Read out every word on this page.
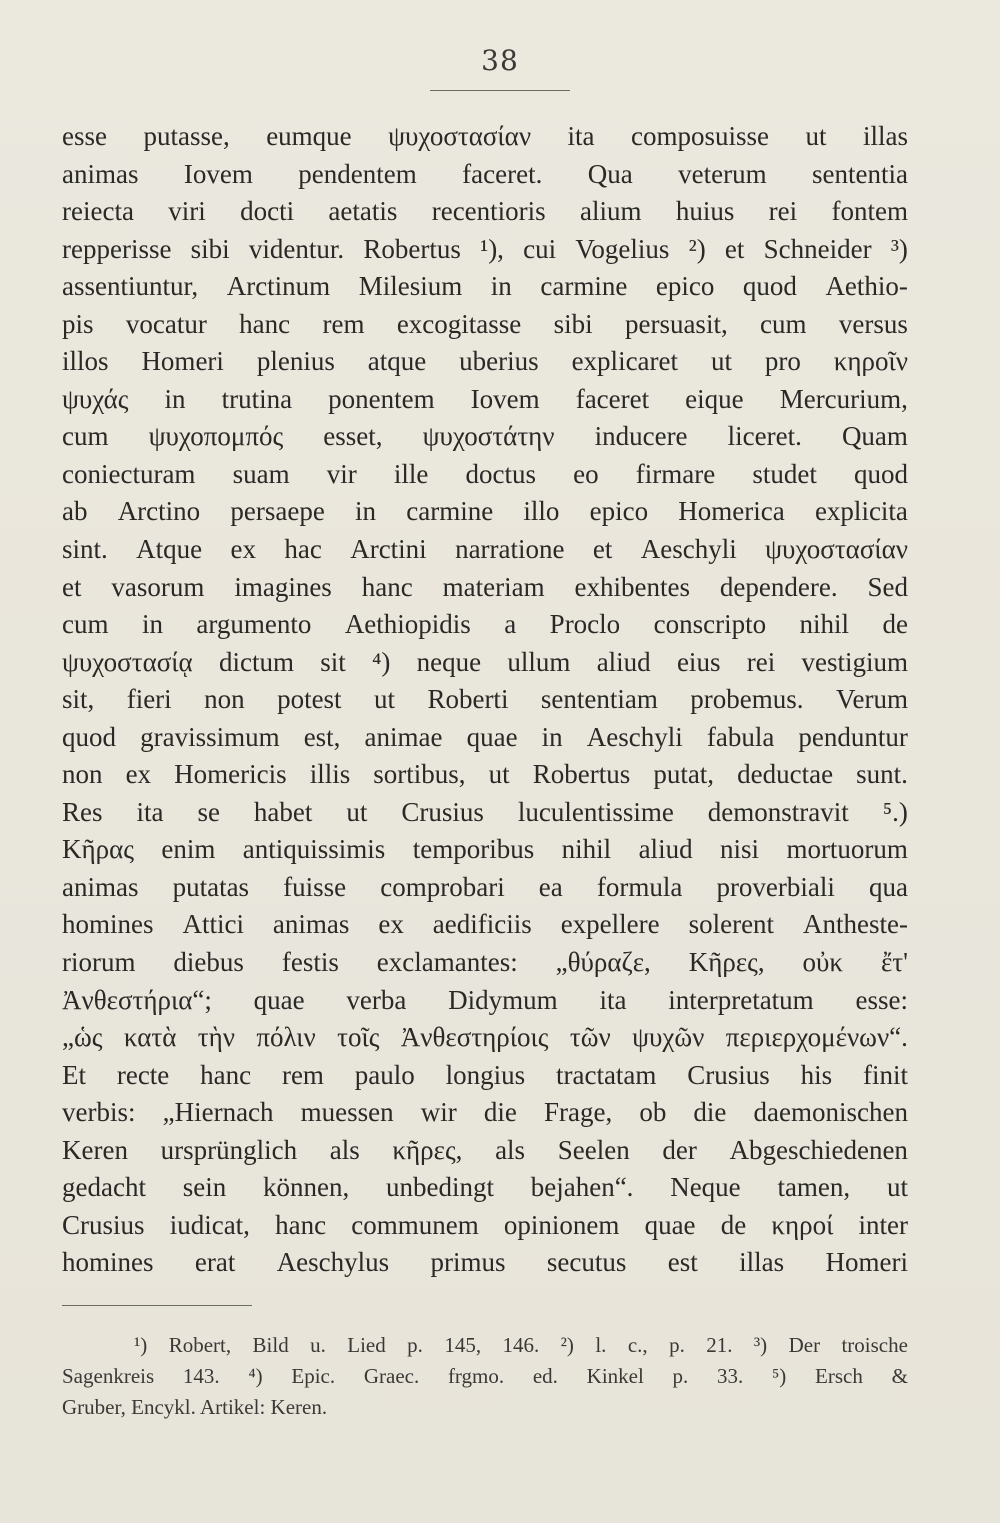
38
esse putasse, eumque ψυχοστασίαν ita composuisse ut illas
animas Iovem pendentem faceret. Qua veterum sententia
reiecta viri docti aetatis recentioris alium huius rei fontem
repperisse sibi videntur. Robertus ¹), cui Vogelius ²) et Schneider ³)
assentiuntur, Arctinum Milesium in carmine epico quod Aethio-
pis vocatur hanc rem excogitasse sibi persuasit, cum versus
illos Homeri plenius atque uberius explicaret ut pro κηροῖν
ψυχάς in trutina ponentem Iovem faceret eique Mercurium,
cum ψυχοπομπός esset, ψυχοστάτην inducere liceret. Quam
coniecturam suam vir ille doctus eo firmare studet quod
ab Arctino persaepe in carmine illo epico Homerica explicita
sint. Atque ex hac Arctini narratione et Aeschyli ψυχοστασίαν
et vasorum imagines hanc materiam exhibentes dependere. Sed
cum in argumento Aethiopidis a Proclo conscripto nihil de
ψυχοστασίᾳ dictum sit ⁴) neque ullum aliud eius rei vestigium
sit, fieri non potest ut Roberti sententiam probemus. Verum
quod gravissimum est, animae quae in Aeschyli fabula penduntur
non ex Homericis illis sortibus, ut Robertus putat, deductae sunt.
Res ita se habet ut Crusius luculentissime demonstravit ⁵.)
Κῆρας enim antiquissimis temporibus nihil aliud nisi mortuorum
animas putatas fuisse comprobari ea formula proverbiali qua
homines Attici animas ex aedificiis expellere solerent Antheste-
riorum diebus festis exclamantes: „θύραζε, Κῆρες, οὐκ ἔτ'
Ἀνθεστήρια“; quae verba Didymum ita interpretatum esse:
„ὡς κατὰ τὴν πόλιν τοῖς Ἀνθεστηρίοις τῶν ψυχῶν περιερχομένων“.
Et recte hanc rem paulo longius tractatam Crusius his finit
verbis: „Hiernach muessen wir die Frage, ob die daemonischen
Keren ursprünglich als κῆρες, als Seelen der Abgeschiedenen
gedacht sein können, unbedingt bejahen“. Neque tamen, ut
Crusius iudicat, hanc communem opinionem quae de κηροί inter
homines erat Aeschylus primus secutus est illas Homeri
¹) Robert, Bild u. Lied p. 145, 146. ²) l. c., p. 21. ³) Der troische
Sagenkreis 143. ⁴) Epic. Graec. frgmo. ed. Kinkel p. 33. ⁵) Ersch &
Gruber, Encykl. Artikel: Keren.
